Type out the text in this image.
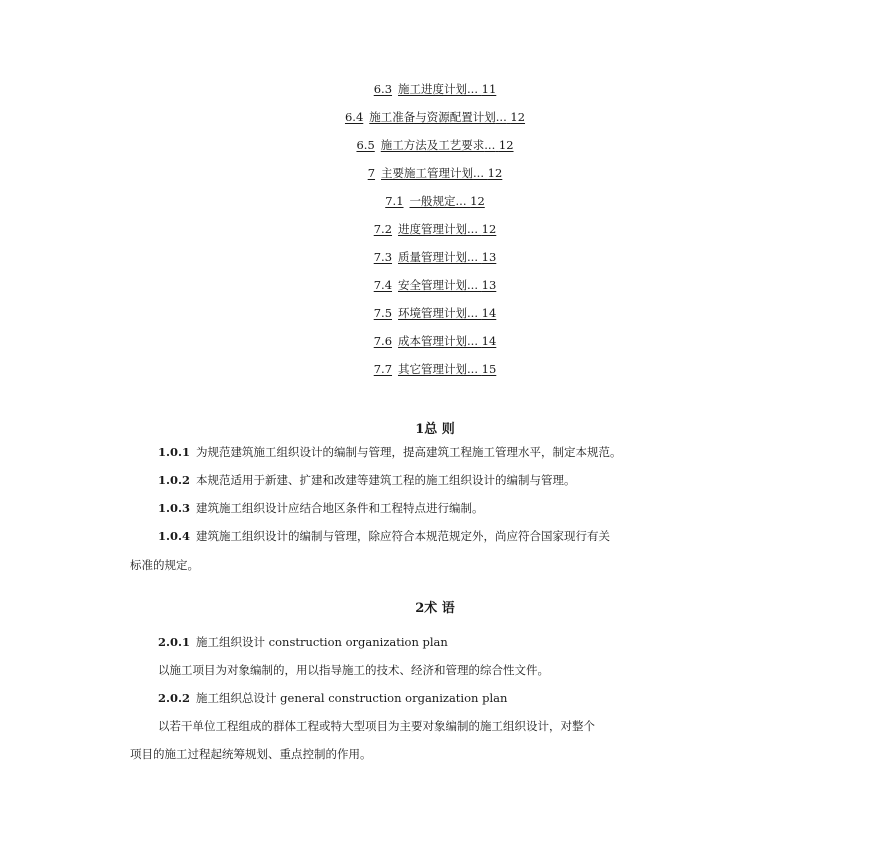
6.3 施工进度计划... 11
6.4 施工准备与资源配置计划... 12
6.5 施工方法及工艺要求... 12
7 主要施工管理计划... 12
7.1 一般规定... 12
7.2 进度管理计划... 12
7.3 质量管理计划... 13
7.4 安全管理计划... 13
7.5 环境管理计划... 14
7.6 成本管理计划... 14
7.7 其它管理计划... 15
1总 则
1.0.1 为规范建筑施工组织设计的编制与管理，提高建筑工程施工管理水平，制定本规范。
1.0.2 本规范适用于新建、扩建和改建等建筑工程的施工组织设计的编制与管理。
1.0.3 建筑施工组织设计应结合地区条件和工程特点进行编制。
1.0.4 建筑施工组织设计的编制与管理，除应符合本规范规定外，尚应符合国家现行有关
标准的规定。
2术 语
2.0.1 施工组织设计 construction organization plan
以施工项目为对象编制的，用以指导施工的技术、经济和管理的综合性文件。
2.0.2 施工组织总设计 general construction organization plan
以若干单位工程组成的群体工程或特大型项目为主要对象编制的施工组织设计，对整个
项目的施工过程起统筹规划、重点控制的作用。
